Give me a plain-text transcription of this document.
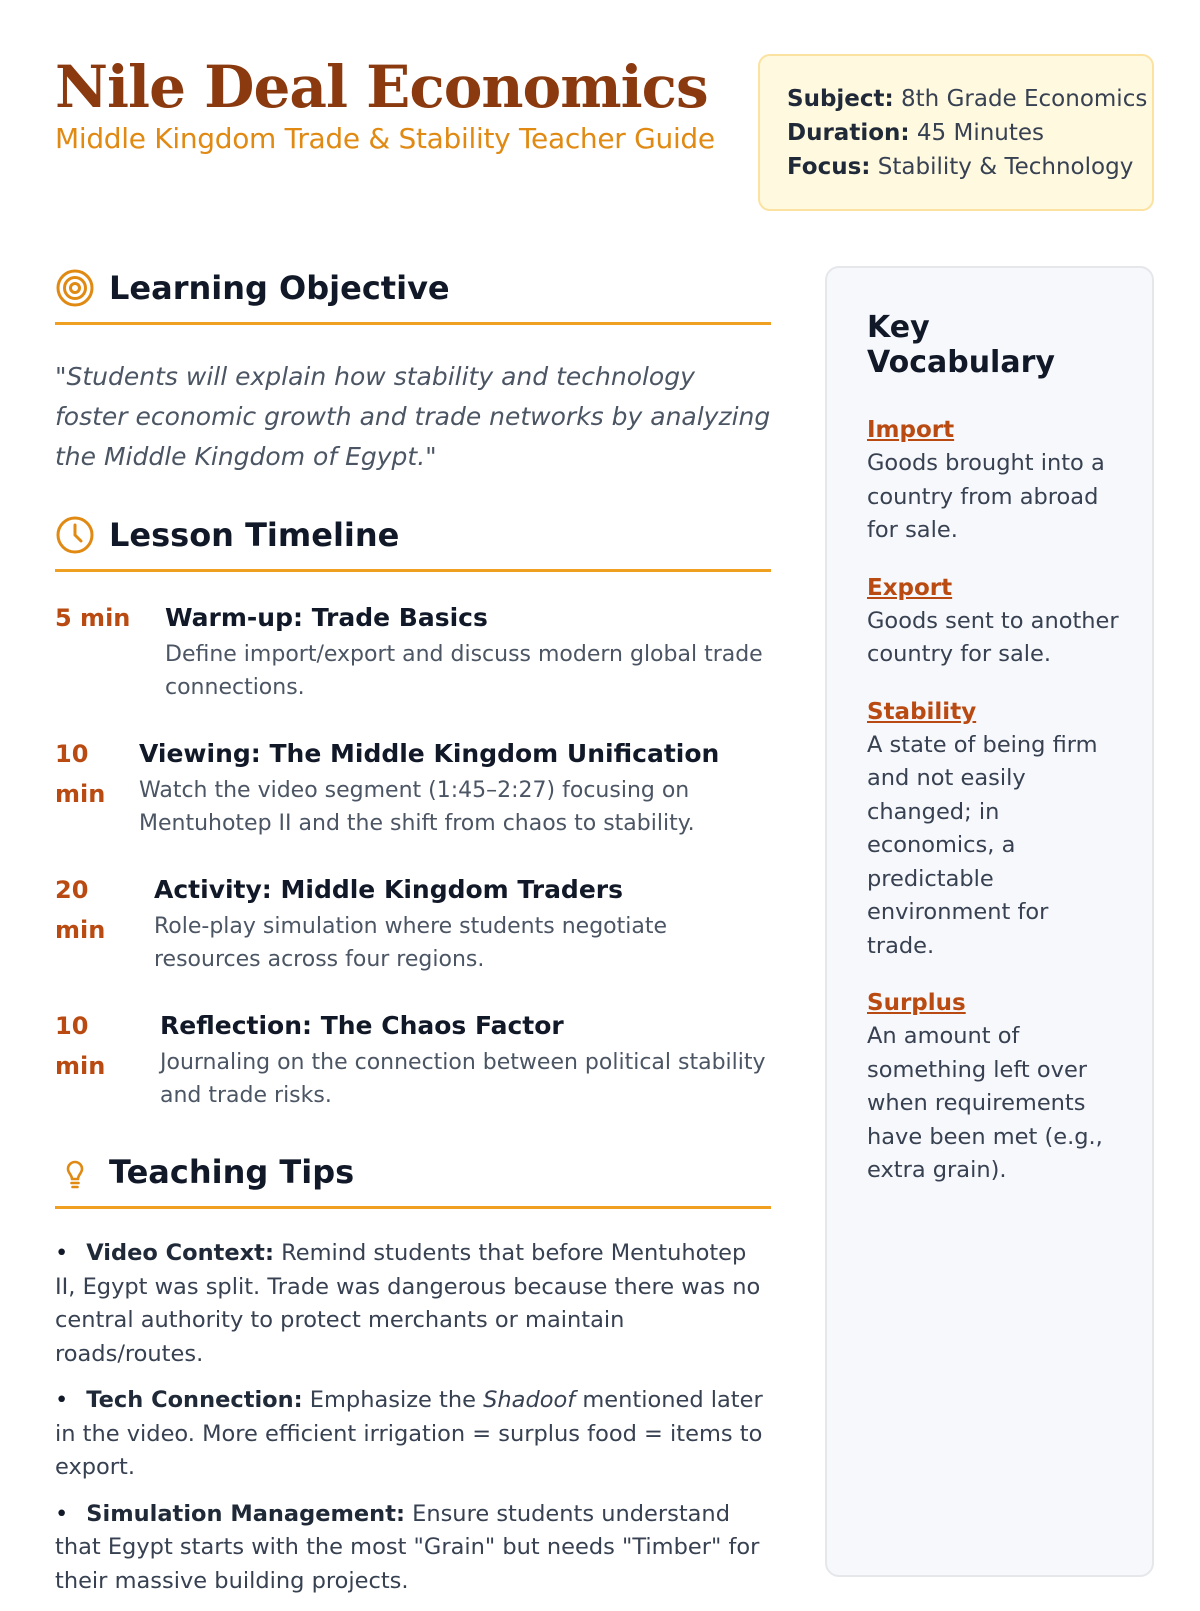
Nile Deal Economics
Middle Kingdom Trade & Stability Teacher Guide
Subject: 8th Grade Economics
Duration: 45 Minutes
Focus: Stability & Technology
Learning Objective
"Students will explain how stability and technology foster economic growth and trade networks by analyzing the Middle Kingdom of Egypt."
Lesson Timeline
5 min	Warm-up: Trade Basics
Define import/export and discuss modern global trade connections.
10 min
Viewing: The Middle Kingdom Unification
Watch the video segment (1:45–2:27) focusing on Mentuhotep II and the shift from chaos to stability.
20 min
Activity: Middle Kingdom Traders
Role-play simulation where students negotiate resources across four regions.
10 min
Reflection: The Chaos Factor
Journaling on the connection between political stability and trade risks.
Teaching Tips
• Video Context: Remind students that before Mentuhotep II, Egypt was split. Trade was dangerous because there was no central authority to protect merchants or maintain roads/routes.
• Tech Connection: Emphasize the Shadoof mentioned later in the video. More efficient irrigation = surplus food = items to export.
• Simulation Management: Ensure students understand that Egypt starts with the most "Grain" but needs "Timber" for their massive building projects.
Key Vocabulary
Import
Goods brought into a country from abroad for sale.
Export
Goods sent to another country for sale.
Stability
A state of being firm and not easily changed; in economics, a predictable environment for trade.
Surplus
An amount of something left over when requirements have been met (e.g., extra grain).
